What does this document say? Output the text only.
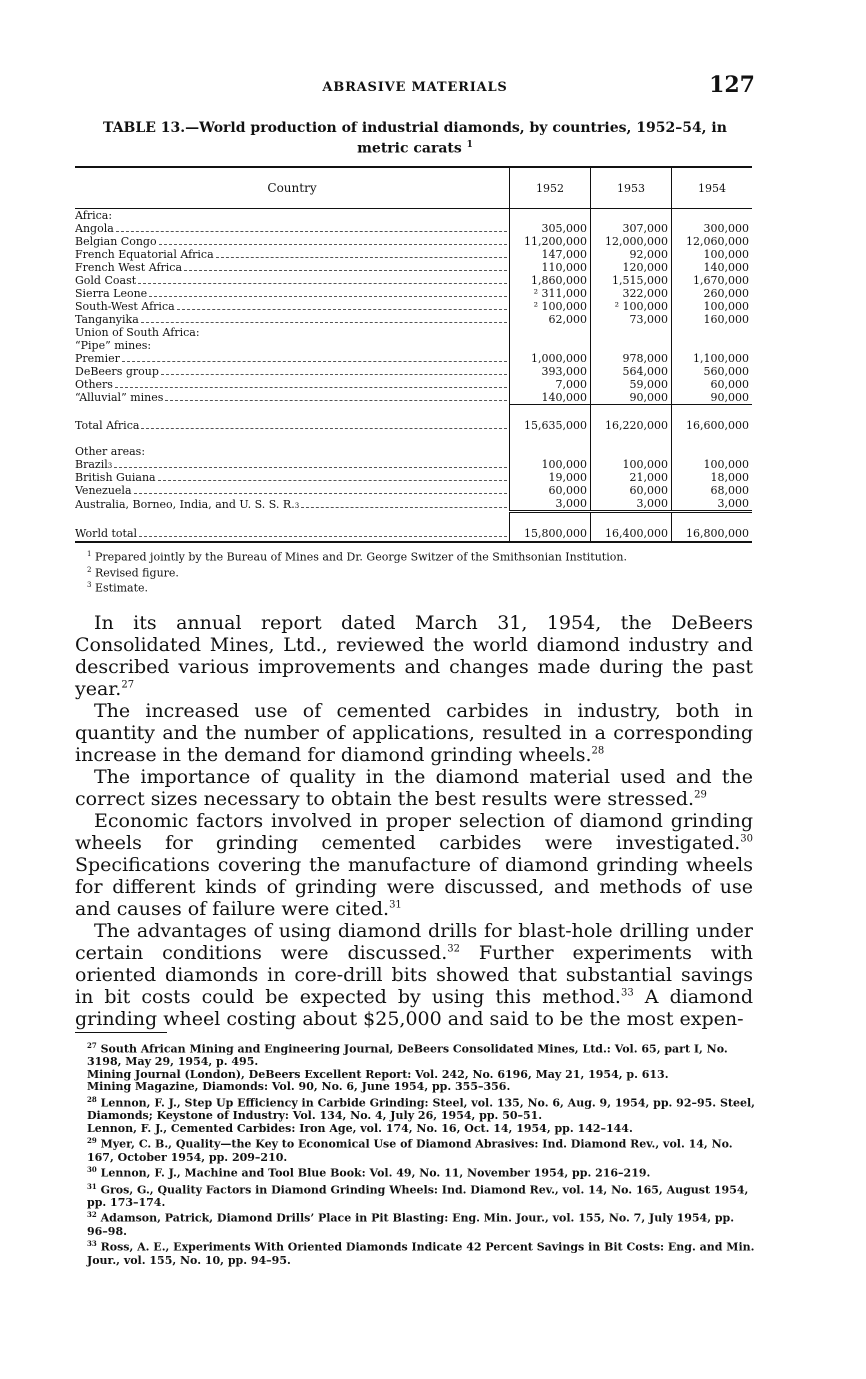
ABRASIVE MATERIALS	127
TABLE 13.—World production of industrial diamonds, by countries, 1952–54, in metric carats $^1$
Country	1952	1953	1954

Africa:			

Angola	305,000	307,000	300,000

Belgian Congo	11,200,000	12,000,000	12,060,000

French Equatorial Africa	147,000	92,000	100,000

French West Africa	110,000	120,000	140,000

Gold Coast	1,860,000	1,515,000	1,670,000

Sierra Leone	² 311,000	322,000	260,000

South-West Africa	² 100,000	² 100,000	100,000

Tanganyika	62,000	73,000	160,000

Union of South Africa:			

“Pipe” mines:			

Premier	1,000,000	978,000	1,100,000

DeBeers group	393,000	564,000	560,000

Others	7,000	59,000	60,000

“Alluvial” mines	140,000	90,000	90,000

Total Africa	15,635,000	16,220,000	16,600,000

Other areas:			

Brazil 3	100,000	100,000	100,000

British Guiana	19,000	21,000	18,000

Venezuela	60,000	60,000	68,000

Australia, Borneo, India, and U. S. S. R. 3	3,000	3,000	3,000

World total	15,800,000	16,400,000	16,800,000
$^1$ Prepared jointly by the Bureau of Mines and Dr. George Switzer of the Smithsonian Institution.
$^2$ Revised figure.
$^3$ Estimate.

 In its annual report dated March 31, 1954, the DeBeers Consolidated Mines, Ltd., reviewed the world diamond industry and described various improvements and changes made during the past year.$^{27}$

 The increased use of cemented carbides in industry, both in quantity and the number of applications, resulted in a corresponding increase in the demand for diamond grinding wheels.$^{28}$

 The importance of quality in the diamond material used and the correct sizes necessary to obtain the best results were stressed.$^{29}$

 Economic factors involved in proper selection of diamond grinding wheels for grinding cemented carbides were investigated.$^{30}$ Specifications covering the manufacture of diamond grinding wheels for different kinds of grinding were discussed, and methods of use and causes of failure were cited.$^{31}$

 The advantages of using diamond drills for blast-hole drilling under certain conditions were discussed.$^{32}$ Further experiments with oriented diamonds in core-drill bits showed that substantial savings in bit costs could be expected by using this method.$^{33}$ A diamond grinding wheel costing about $25,000 and said to be the most expen-

$^{27}$ South African Mining and Engineering Journal, DeBeers Consolidated Mines, Ltd.: Vol. 65, part I, No. 3198, May 29, 1954, p. 495.

Mining Journal (London), DeBeers Excellent Report: Vol. 242, No. 6196, May 21, 1954, p. 613.

Mining Magazine, Diamonds: Vol. 90, No. 6, June 1954, pp. 355–356.

$^{28}$ Lennon, F. J., Step Up Efficiency in Carbide Grinding: Steel, vol. 135, No. 6, Aug. 9, 1954, pp. 92–95. Steel, Diamonds; Keystone of Industry: Vol. 134, No. 4, July 26, 1954, pp. 50–51.

Lennon, F. J., Cemented Carbides: Iron Age, vol. 174, No. 16, Oct. 14, 1954, pp. 142–144.

$^{29}$ Myer, C. B., Quality—the Key to Economical Use of Diamond Abrasives: Ind. Diamond Rev., vol. 14, No. 167, October 1954, pp. 209–210.

$^{30}$ Lennon, F. J., Machine and Tool Blue Book: Vol. 49, No. 11, November 1954, pp. 216–219.

$^{31}$ Gros, G., Quality Factors in Diamond Grinding Wheels: Ind. Diamond Rev., vol. 14, No. 165, August 1954, pp. 173–174.

$^{32}$ Adamson, Patrick, Diamond Drills’ Place in Pit Blasting: Eng. Min. Jour., vol. 155, No. 7, July 1954, pp. 96–98.

$^{33}$ Ross, A. E., Experiments With Oriented Diamonds Indicate 42 Percent Savings in Bit Costs: Eng. and Min. Jour., vol. 155, No. 10, pp. 94–95.
